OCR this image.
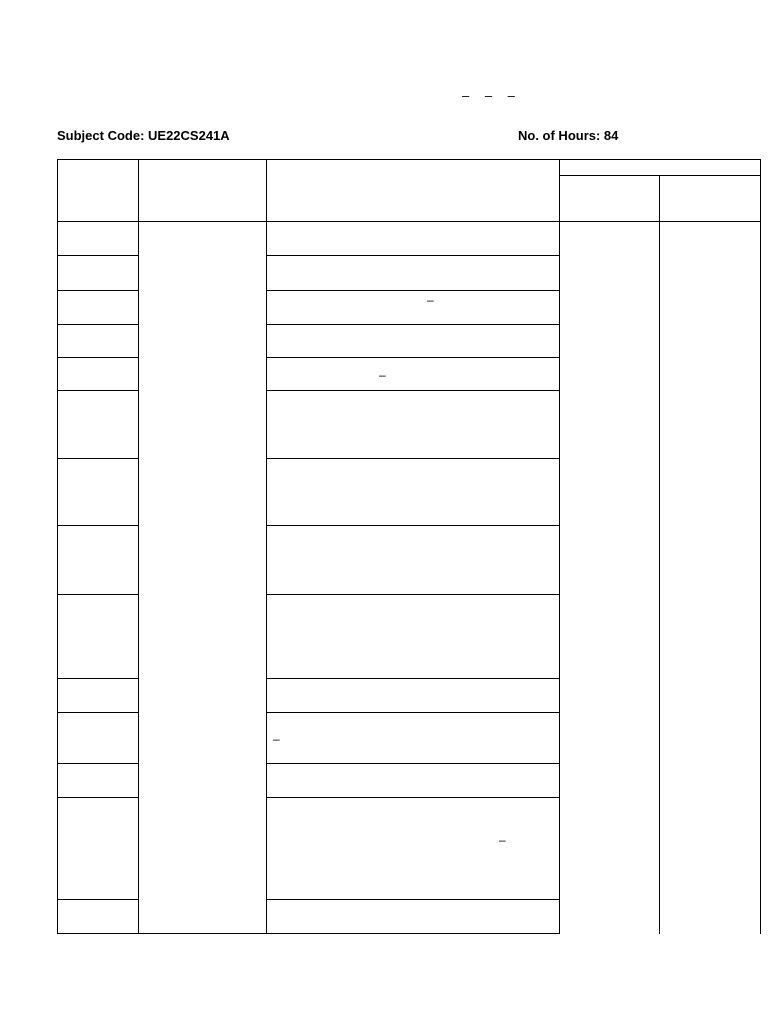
– – –
Subject Code: UE22CS241A	No. of Hours: 84
–
–
–
–
